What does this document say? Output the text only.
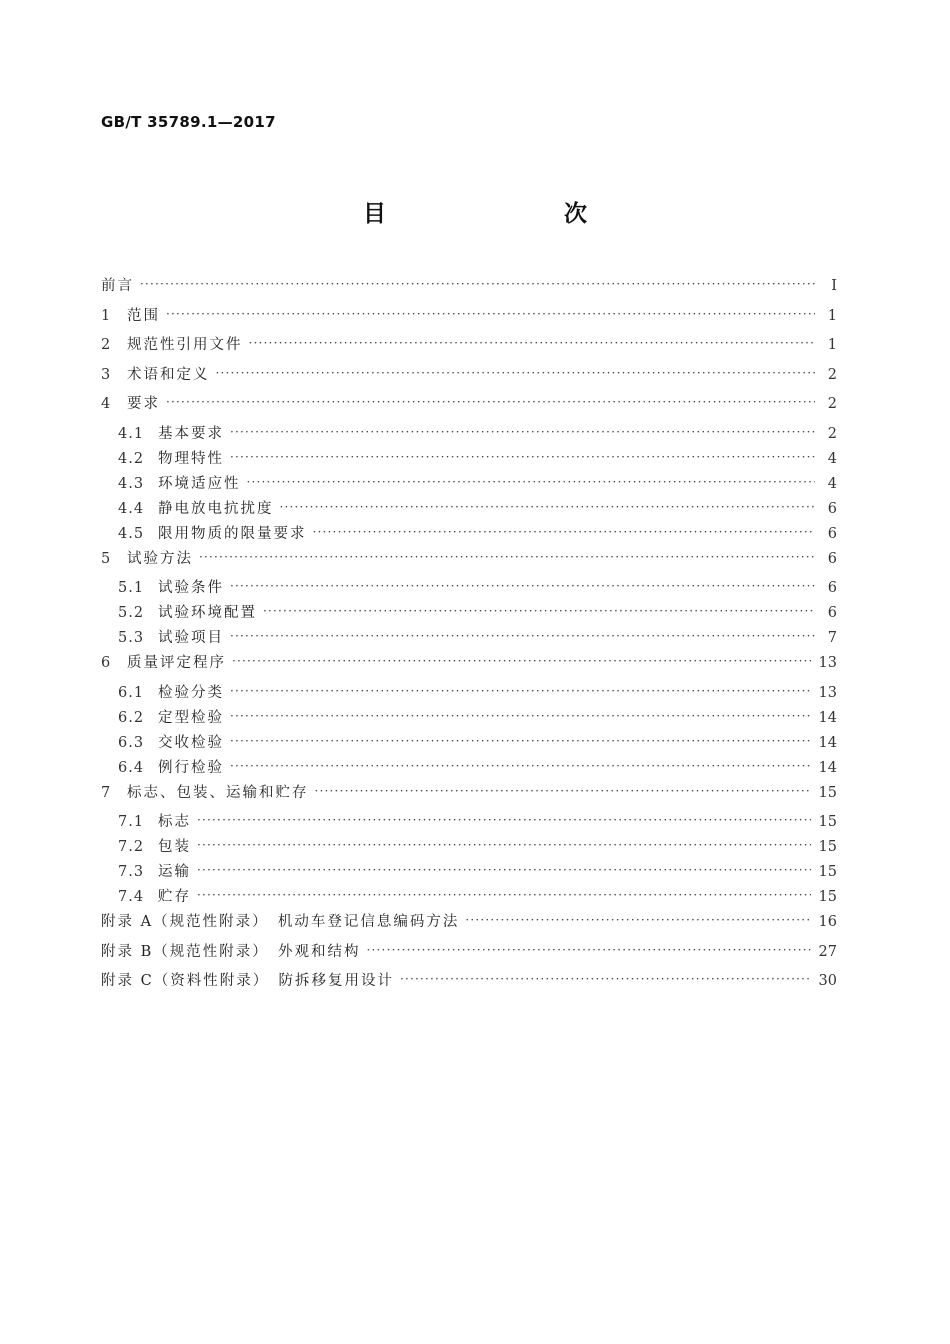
GB/T 35789.1—2017
目　　次
前言 ·····	Ⅰ
1	范围 ·····	1
2	规范性引用文件 ·····	1
3	术语和定义 ·····	2
4	要求 ·····	2
4.1 基本要求 ·····	2
4.2 物理特性 ·····	4
4.3 环境适应性 ·····	4
4.4 静电放电抗扰度 ·····	6
4.5 限用物质的限量要求 ·····	6
5	试验方法 ·····	6
5.1 试验条件 ·····	6
5.2 试验环境配置 ·····	6
5.3 试验项目 ·····	7
6	质量评定程序 ·····	13
6.1 检验分类 ·····	13
6.2 定型检验 ·····	14
6.3 交收检验 ·····	14
6.4 例行检验 ·····	14
7	标志、包装、运输和贮存 ·····	15
7.1 标志 ·····	15
7.2 包装 ·····	15
7.3 运输 ·····	15
7.4 贮存 ·····	15
附录 A（规范性附录）　机动车登记信息编码方法 ·····	16
附录 B（规范性附录）　外观和结构 ·····	27
附录 C（资料性附录）　防拆移复用设计 ·····	30
